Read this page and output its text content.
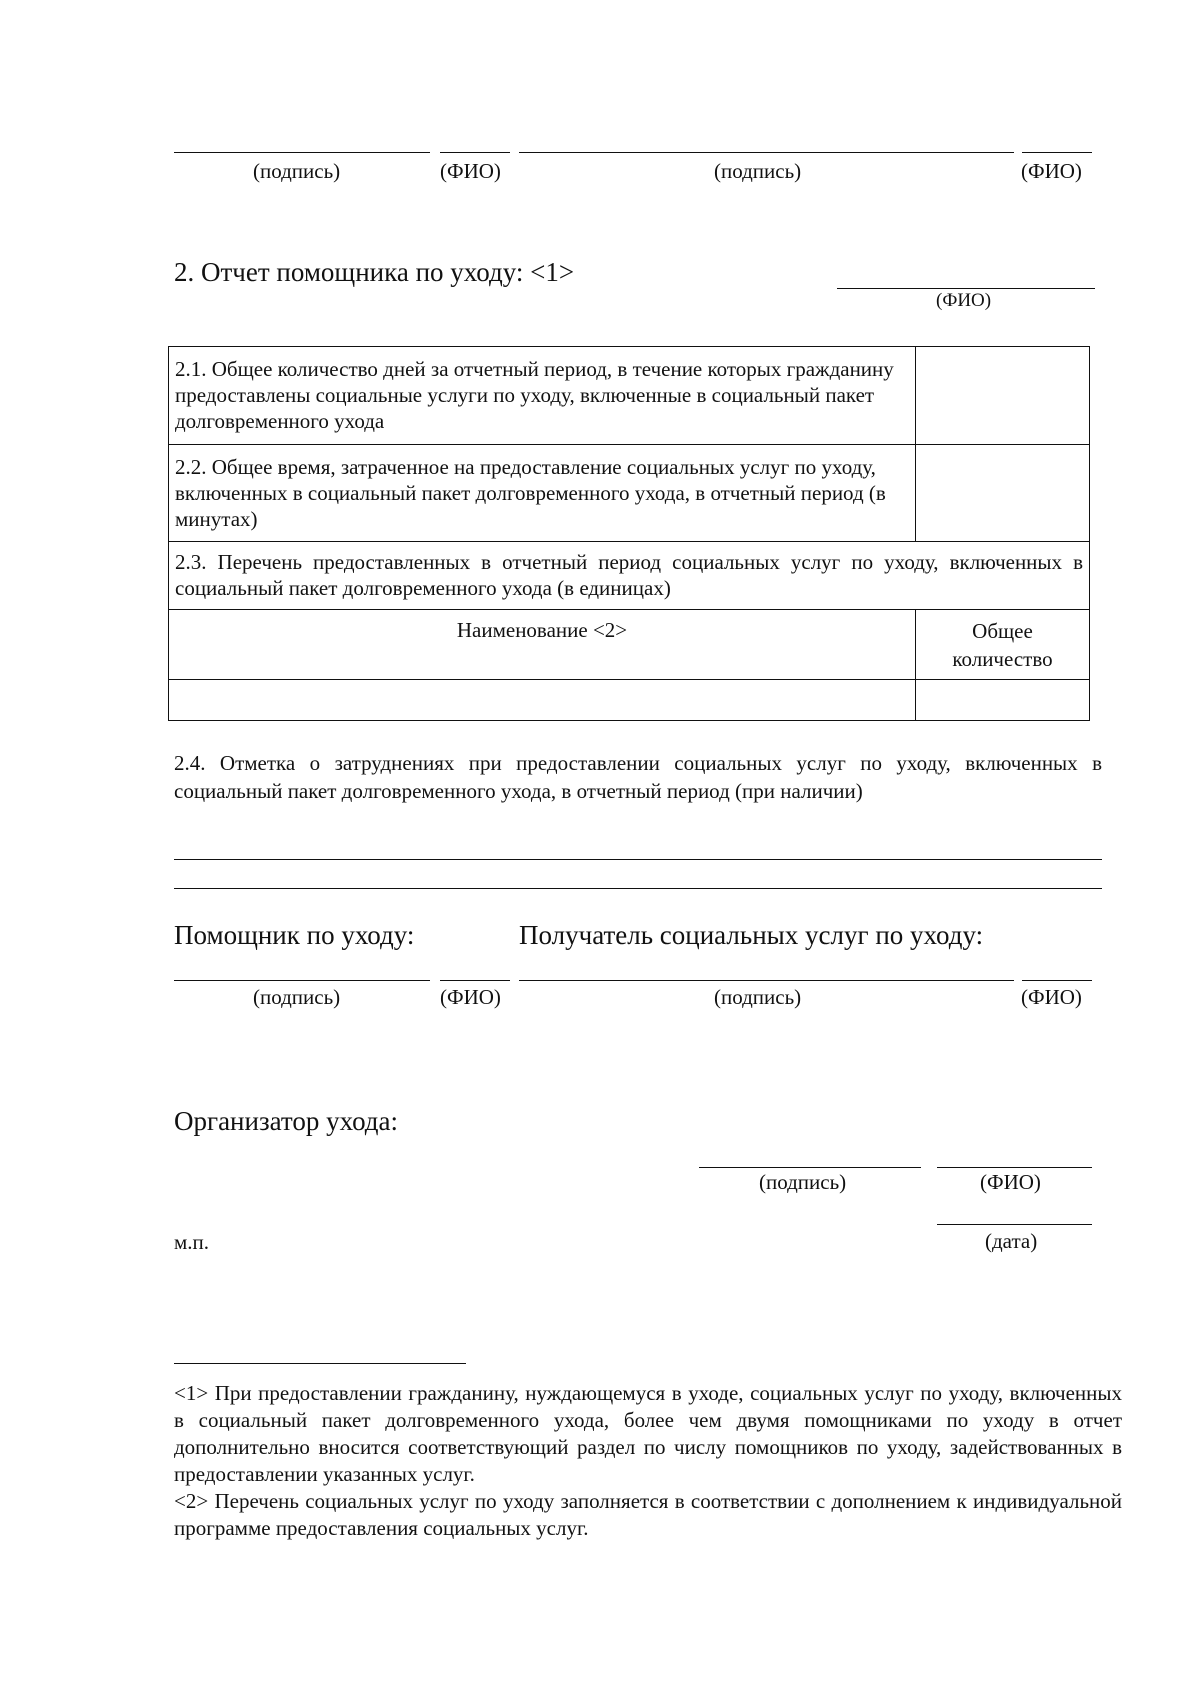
(подпись)	(ФИО)	(подпись)	(ФИО)
2. Отчет помощника по уходу: <1>
(ФИО)
2.1. Общее количество дней за отчетный период, в течение которых гражданину предоставлены социальные услуги по уходу, включенные в социальный пакет долговременного ухода	
2.2. Общее время, затраченное на предоставление социальных услуг по уходу, включенных в социальный пакет долговременного ухода, в отчетный период (в минутах)	
2.3. Перечень предоставленных в отчетный период социальных услуг по уходу, включенных в социальный пакет долговременного ухода (в единицах)	
Наименование <2>	Общее количество

2.4. Отметка о затруднениях при предоставлении социальных услуг по уходу, включенных в социальный пакет долговременного ухода, в отчетный период (при наличии)
Помощник по уходу:	Получатель социальных услуг по уходу:
(подпись)	(ФИО)	(подпись)	(ФИО)
Организатор ухода:
(подпись)	(ФИО)
м.п.	(дата)
<1> При предоставлении гражданину, нуждающемуся в уходе, социальных услуг по уходу, включенных в социальный пакет долговременного ухода, более чем двумя помощниками по уходу в отчет дополнительно вносится соответствующий раздел по числу помощников по уходу, задействованных в предоставлении указанных услуг.
<2> Перечень социальных услуг по уходу заполняется в соответствии с дополнением к индивидуальной программе предоставления социальных услуг.
